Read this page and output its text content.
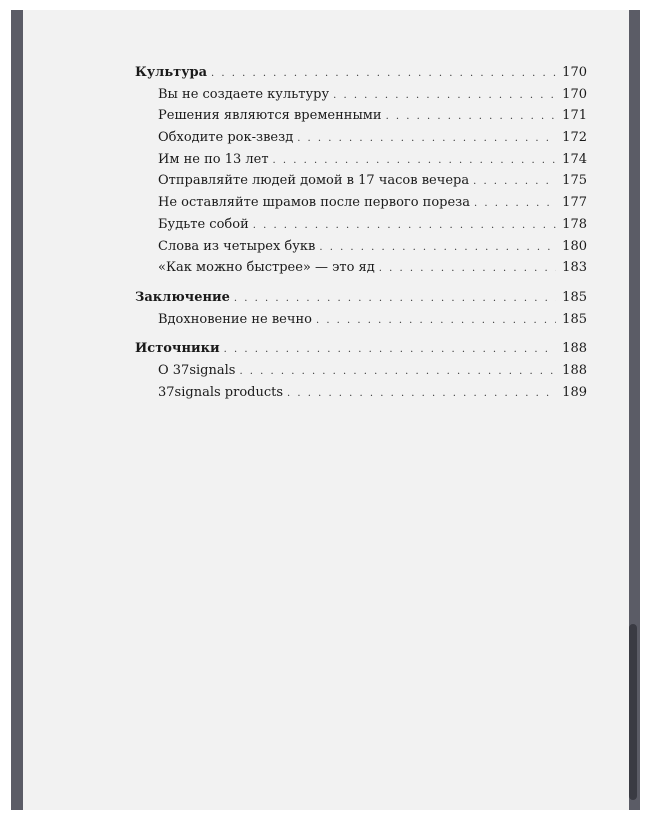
Культура . . .	170
Вы не создаете культуру . . .	170
Решения являются временными . . .	171
Обходите рок-звезд . . .	172
Им не по 13 лет . . .	174
Отправляйте людей домой в 17 часов вечера . . .	175
Не оставляйте шрамов после первого пореза . . .	177
Будьте собой . . .	178
Слова из четырех букв . . .	180
«Как можно быстрее» — это яд . . .	183
Заключение . . .	185
Вдохновение не вечно . . .	185
Источники . . .	188
О 37signals . . .	188
37signals products . . .	189
